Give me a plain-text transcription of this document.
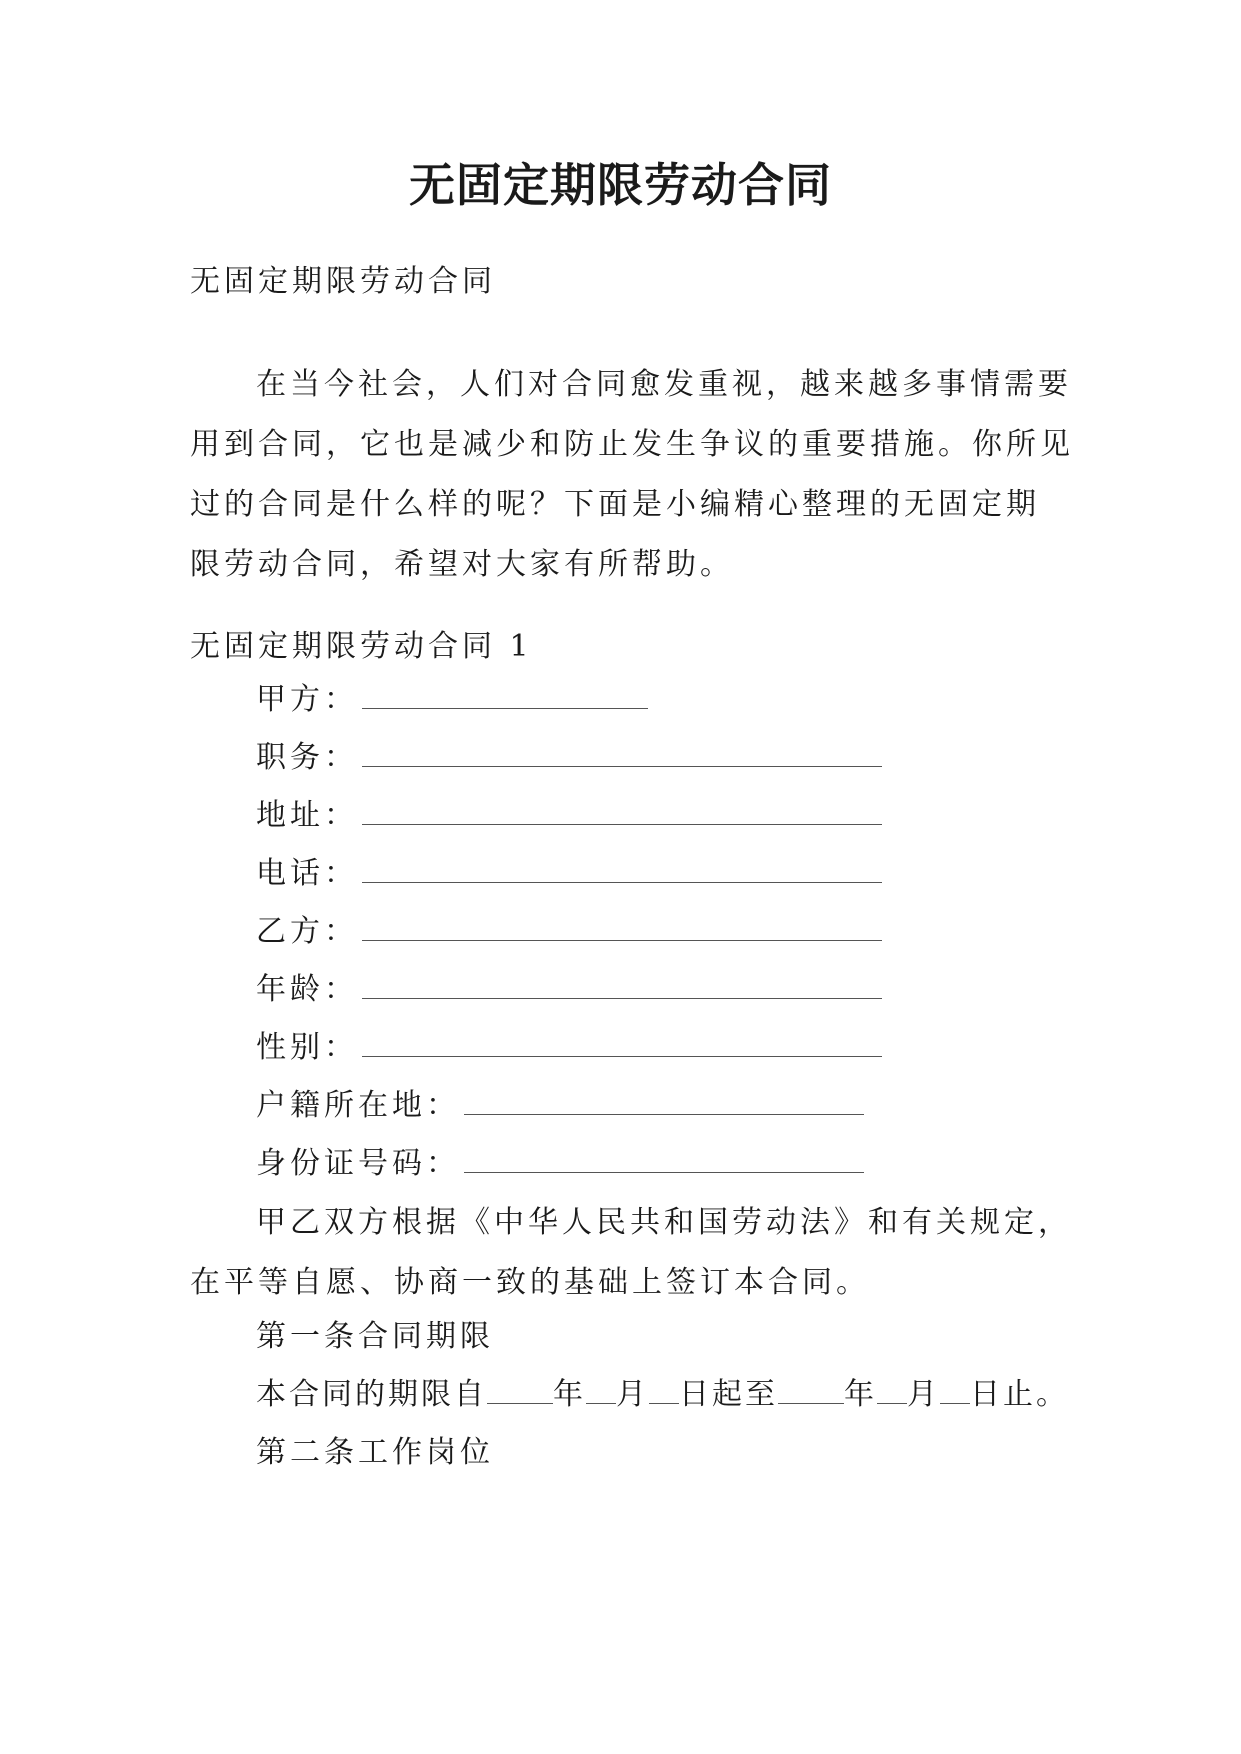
无固定期限劳动合同
无固定期限劳动合同
在当今社会，人们对合同愈发重视，越来越多事情需要
用到合同，它也是减少和防止发生争议的重要措施。你所见
过的合同是什么样的呢？下面是小编精心整理的无固定期
限劳动合同，希望对大家有所帮助。
无固定期限劳动合同 1
甲方：
职务：
地址：
电话：
乙方：
年龄：
性别：
户籍所在地：
身份证号码：
甲乙双方根据《中华人民共和国劳动法》和有关规定，
在平等自愿、协商一致的基础上签订本合同。
第一条合同期限
本合同的期限自 年 月 日起至 年 月 日止。
第二条工作岗位
